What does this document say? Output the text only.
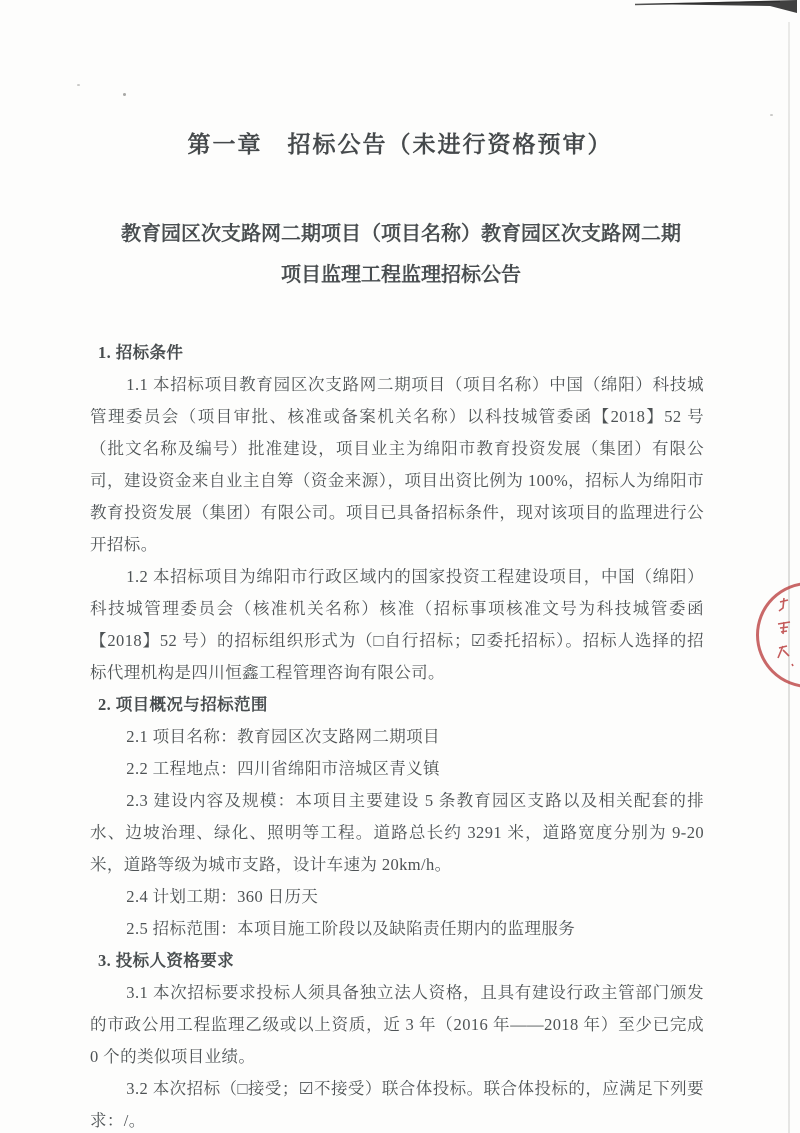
第一章　招标公告（未进行资格预审）
教育园区次支路网二期项目（项目名称）教育园区次支路网二期
项目监理工程监理招标公告

1. 招标条件

1.1 本招标项目教育园区次支路网二期项目（项目名称）中国（绵阳）科技城管理委员会（项目审批、核准或备案机关名称）以科技城管委函【2018】52 号（批文名称及编号）批准建设，项目业主为绵阳市教育投资发展（集团）有限公司，建设资金来自业主自筹（资金来源），项目出资比例为 100%，招标人为绵阳市教育投资发展（集团）有限公司。项目已具备招标条件，现对该项目的监理进行公开招标。

1.2 本招标项目为绵阳市行政区域内的国家投资工程建设项目，中国（绵阳）科技城管理委员会（核准机关名称）核准（招标事项核准文号为科技城管委函【2018】52 号）的招标组织形式为（□自行招标；☑委托招标）。招标人选择的招标代理机构是四川恒鑫工程管理咨询有限公司。

2. 项目概况与招标范围

2.1 项目名称：教育园区次支路网二期项目

2.2 工程地点：四川省绵阳市涪城区青义镇

2.3 建设内容及规模：本项目主要建设 5 条教育园区支路以及相关配套的排水、边坡治理、绿化、照明等工程。道路总长约 3291 米，道路宽度分别为 9-20 米，道路等级为城市支路，设计车速为 20km/h。

2.4 计划工期：360 日历天

2.5 招标范围：本项目施工阶段以及缺陷责任期内的监理服务

3. 投标人资格要求

3.1 本次招标要求投标人须具备独立法人资格，且具有建设行政主管部门颁发的市政公用工程监理乙级或以上资质，近 3 年（2016 年——2018 年）至少已完成 0 个的类似项目业绩。

3.2 本次招标（□接受；☑不接受）联合体投标。联合体投标的，应满足下列要求：/。
